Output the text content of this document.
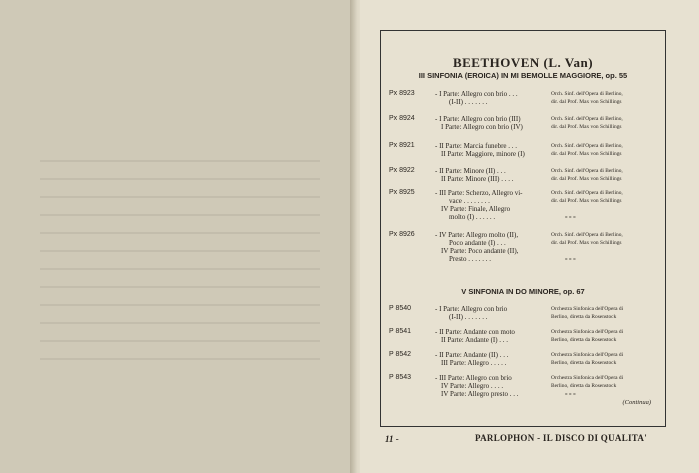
BEETHOVEN (L. Van)
III SINFONIA (EROICA) IN MI BEMOLLE MAGGIORE, op. 55
Px 8923	- I Parte: Allegro con brio . . .
(I-II) . . . . . . .
Orch. Sinf. dell'Opera di Berlino,
dir. dal Prof. Max von Schillings
Px 8924	- I Parte: Allegro con brio (III)
I Parte: Allegro con brio (IV)
Orch. Sinf. dell'Opera di Berlino,
dir. dal Prof. Max von Schillings
Px 8921	- II Parte: Marcia funebre . . .
II Parte: Maggiore, minore (I)
Orch. Sinf. dell'Opera di Berlino,
dir. dal Prof. Max von Schillings
Px 8922	- II Parte: Minore (II) . . .
II Parte: Minore (III) . . . .
Orch. Sinf. dell'Opera di Berlino,
dir. dal Prof. Max von Schillings
Px 8925	- III Parte: Scherzo, Allegro vi-
vace . . . . . . . .
IV Parte: Finale, Allegro
molto (I) . . . . . .
Orch. Sinf. dell'Opera di Berlino,
dir. dal Prof. Max von Schillings

» » »
Px 8926	- IV Parte: Allegro molto (II),
Poco andante (I) . . .
IV Parte: Poco andante (II),
Presto . . . . . . .
Orch. Sinf. dell'Opera di Berlino,
dir. dal Prof. Max von Schillings

» » »
V SINFONIA IN DO MINORE, op. 67
P 8540	- I Parte: Allegro con brio
(I-II) . . . . . . .
Orchestra Sinfonica dell'Opera di
Berlino, diretta da Rosenstock
P 8541	- II Parte: Andante con moto
II Parte: Andante (I) . . .
Orchestra Sinfonica dell'Opera di
Berlino, diretta da Rosenstock
P 8542	- II Parte: Andante (II) . . .
III Parte: Allegro . . . . .
Orchestra Sinfonica dell'Opera di
Berlino, diretta da Rosenstock
P 8543	- III Parte: Allegro con brio
IV Parte: Allegro . . . .
IV Parte: Allegro presto . . .
Orchestra Sinfonica dell'Opera di
Berlino, diretta da Rosenstock
» » »
(Continua)
11 -	PARLOPHON - IL DISCO DI QUALITA'
